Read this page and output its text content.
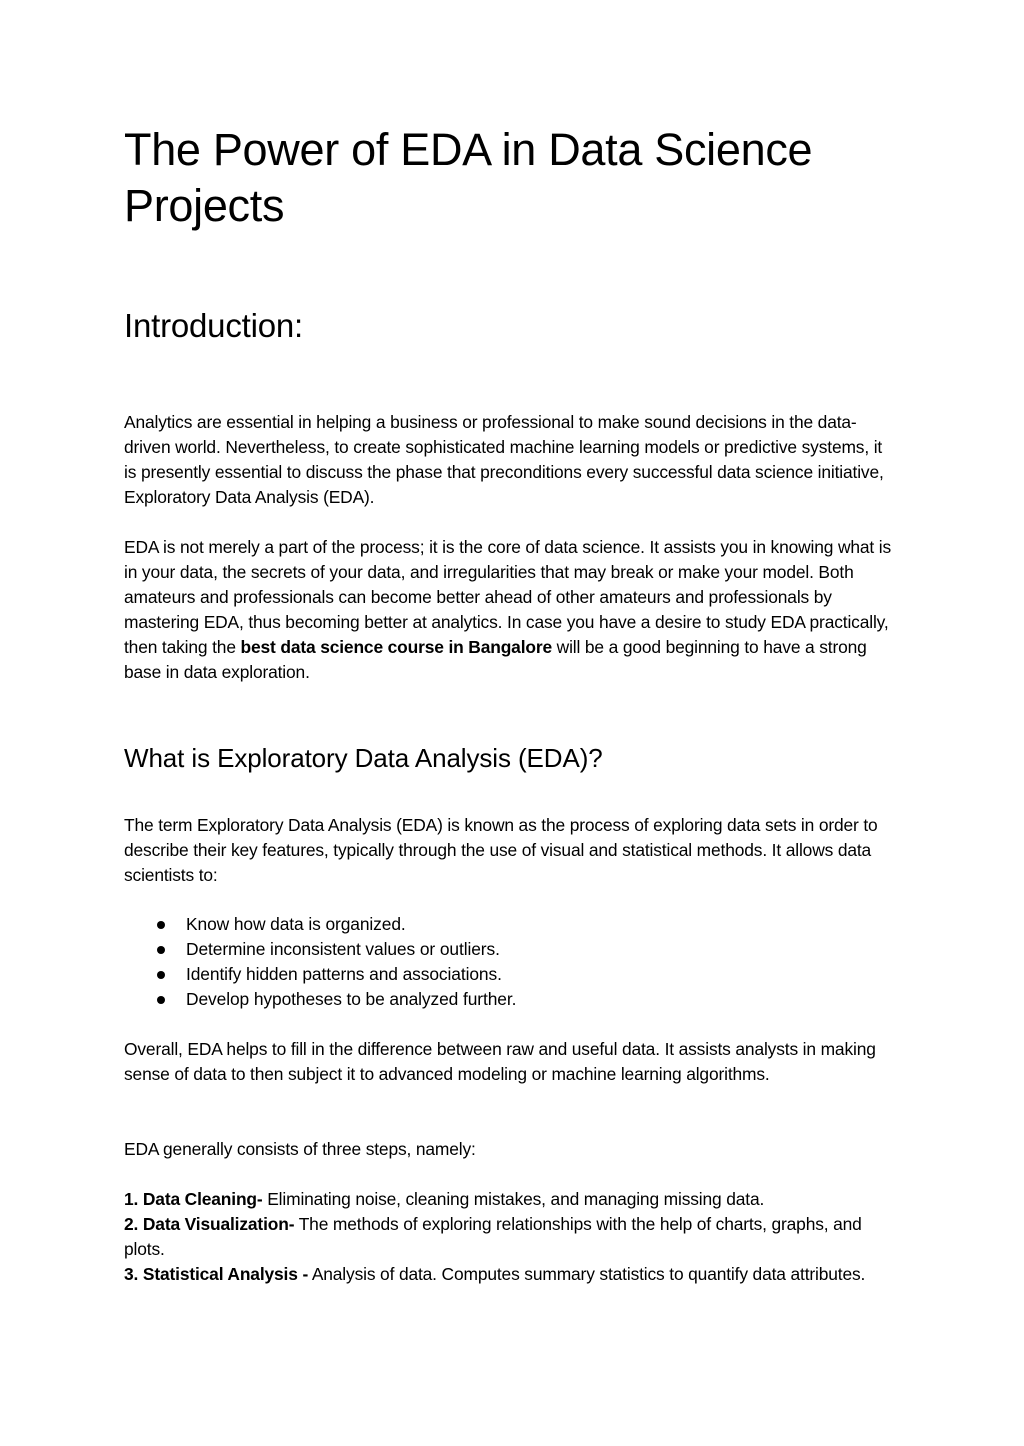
The Power of EDA in Data Science Projects
Introduction:

Analytics are essential in helping a business or professional to make sound decisions in the data-driven world. Nevertheless, to create sophisticated machine learning models or predictive systems, it is presently essential to discuss the phase that preconditions every successful data science initiative, Exploratory Data Analysis (EDA).

EDA is not merely a part of the process; it is the core of data science. It assists you in knowing what is in your data, the secrets of your data, and irregularities that may break or make your model. Both amateurs and professionals can become better ahead of other amateurs and professionals by mastering EDA, thus becoming better at analytics. In case you have a desire to study EDA practically, then taking the best data science course in Bangalore will be a good beginning to have a strong base in data exploration.

What is Exploratory Data Analysis (EDA)?

The term Exploratory Data Analysis (EDA) is known as the process of exploring data sets in order to describe their key features, typically through the use of visual and statistical methods. It allows data scientists to:

Know how data is organized.
Determine inconsistent values or outliers.
Identify hidden patterns and associations.
Develop hypotheses to be analyzed further.

Overall, EDA helps to fill in the difference between raw and useful data. It assists analysts in making sense of data to then subject it to advanced modeling or machine learning algorithms.

EDA generally consists of three steps, namely:

1. Data Cleaning- Eliminating noise, cleaning mistakes, and managing missing data.
2. Data Visualization- The methods of exploring relationships with the help of charts, graphs, and plots.
3. Statistical Analysis - Analysis of data. Computes summary statistics to quantify data attributes.
